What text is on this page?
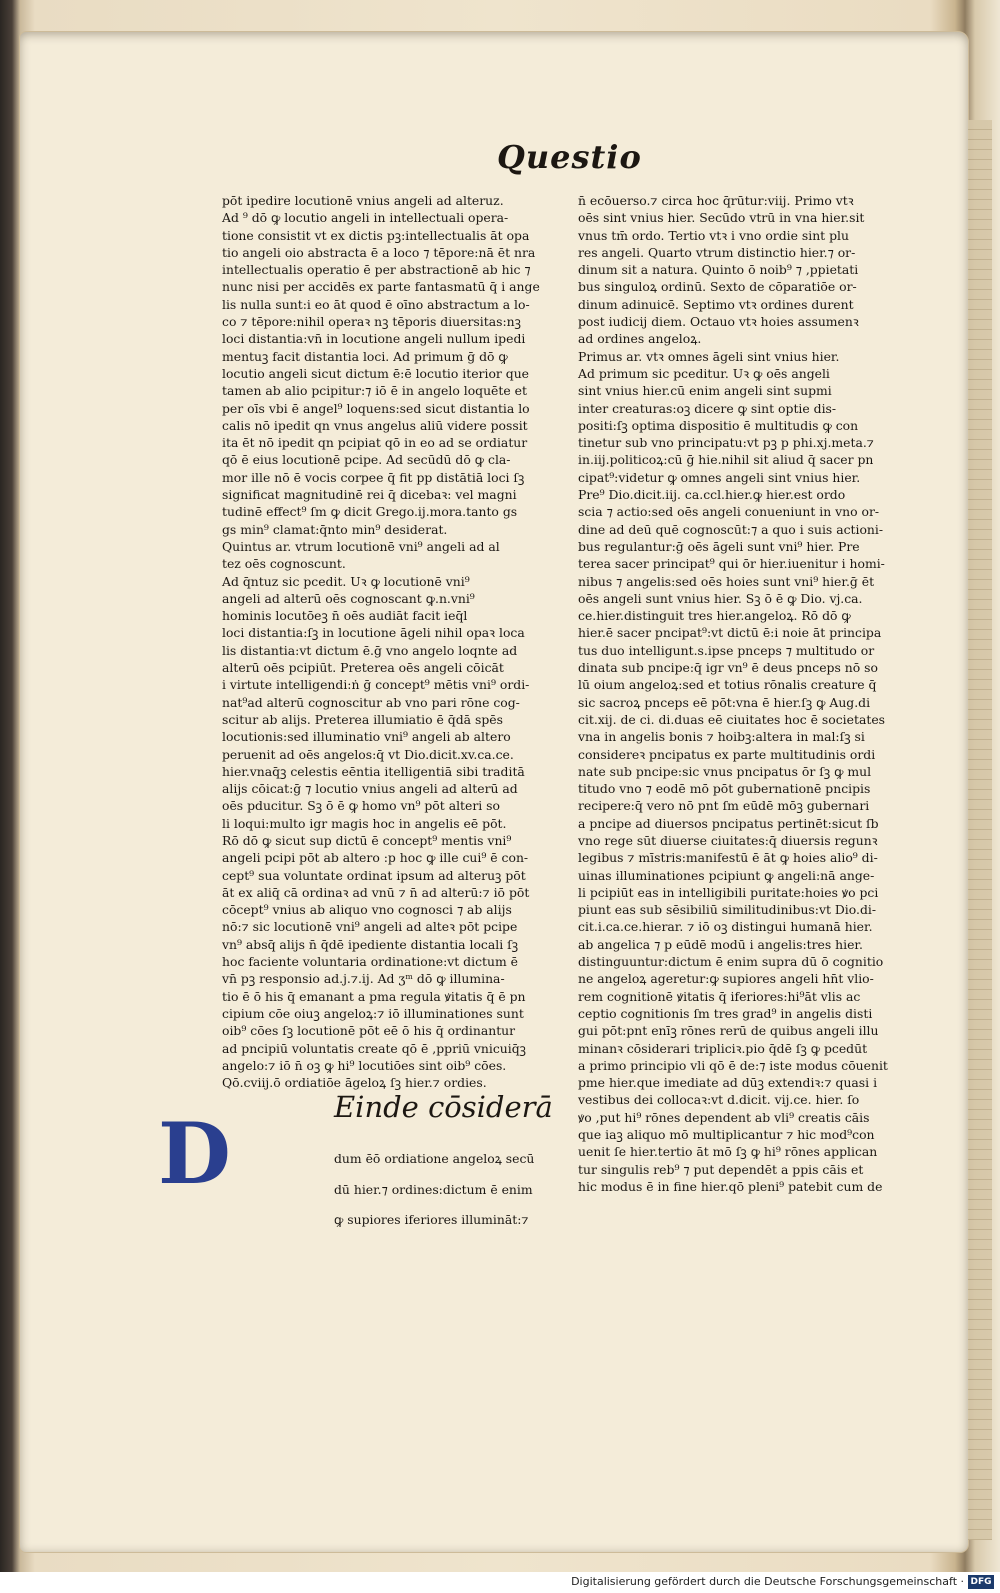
Questio

pōt ipedire locutionē vnius angeli ad alteruz.

Ad ⁹ dō ꝙ locutio angeli in intellectuali opera-

tione consistit vt ex dictis pꝫ:intellectualis āt opa

tio angeli oio abstracta ē a loco ⁊ tēpore:nā ēt nra

intellectualis operatio ē per abstractionē ab hic ⁊

nunc nisi per accidēs ex parte fantasmatū q̄ i ange

lis nulla sunt:i eo āt quod ē oīno abstractum a lo-

co ⁊ tēpore:nihil operaꝛ nꝫ tēporis diuersitas:nꝫ

loci distantia:vn̄ in locutione angeli nullum ipedi

mentuꝫ facit distantia loci. Ad primum ḡ dō ꝙ

locutio angeli sicut dictum ē:ē locutio iterior que

tamen ab alio pcipitur:⁊ iō ē in angelo loquēte et

per oīs vbi ē angel⁹ loquens:sed sicut distantia lo

calis nō ipedit qn vnus angelus aliū videre possit

ita ēt nō ipedit qn pcipiat qō in eo ad se ordiatur

qō ē eius locutionē pcipe. Ad secūdū dō ꝙ cla-

mor ille nō ē vocis corpee q̄ fit pp distātiā loci ſꝫ

significat magnitudinē rei q̄ dicebaꝛ: vel magni

tudinē effect⁹ ſm ꝙ dicit Grego.ij.mora.tanto gs

gs min⁹ clamat:q̄nto min⁹ desiderat.

Quintus ar. vtrum locutionē vni⁹ angeli ad al

tez oēs cognoscunt.

Ad q̄ntuz sic pcedit. Uꝛ ꝙ locutionē vni⁹

angeli ad alterū oēs cognoscant ꝙ.n.vni⁹

hominis locutōeꝫ n̄ oēs audiāt facit ieq̄l

loci distantia:ſꝫ in locutione āgeli nihil opaꝛ loca

lis distantia:vt dictum ē.ḡ vno angelo loqnte ad

alterū oēs pcipiūt. Preterea oēs angeli cōicāt

i virtute intelligendi:ṅ ḡ concept⁹ mētis vni⁹ ordi-

nat⁹ad alterū cognoscitur ab vno pari rōne cog-

scitur ab alijs. Preterea illumiatio ē q̄dā spēs

locutionis:sed illuminatio vni⁹ angeli ab altero

peruenit ad oēs angelos:q̄ vt Dio.dicit.xv.ca.ce.

hier.vnaq̄ꝫ celestis eēntia itelligentiā sibi traditā

alijs cōicat:ḡ ⁊ locutio vnius angeli ad alterū ad

oēs pducitur. Sꝫ ō ē ꝙ homo vn⁹ pōt alteri so

li loqui:multo igr magis hoc in angelis eē pōt.

Rō dō ꝙ sicut sup dictū ē concept⁹ mentis vni⁹

angeli pcipi pōt ab altero :p hoc ꝙ ille cui⁹ ē con-

cept⁹ sua voluntate ordinat ipsum ad alteruꝫ pōt

āt ex aliq̄ cā ordinaꝛ ad vnū ⁊ n̄ ad alterū:⁊ iō pōt

cōcept⁹ vnius ab aliquo vno cognosci ⁊ ab alijs

nō:⁊ sic locutionē vni⁹ angeli ad alteꝛ pōt pcipe

vn⁹ absq̄ alijs n̄ q̄dē ipediente distantia locali ſꝫ

hoc faciente voluntaria ordinatione:vt dictum ē

vn̄ pꝫ responsio ad.j.⁊.ij. Ad ʒᵐ dō ꝙ illumina-

tio ē ō his q̄ emanant a pma regula ꝟitatis q̄ ē pn

cipium cōe oiuꝫ angeloꝝ:⁊ iō illuminationes sunt

oib⁹ cōes ſꝫ locutionē pōt eē ō his q̄ ordinantur

ad pncipiū voluntatis create qō ē ,ppriū vnicuiq̄ꝫ

angelo:⁊ iō n̄ oꝫ ꝙ hi⁹ locutiōes sint oib⁹ cōes.

Qō.cviij.ō ordiatiōe āgeloꝝ ſꝫ hier.⁊ ordies.

n̄ ecōuerso.⁊ circa hoc q̄rūtur:viij. Primo vtꝛ

oēs sint vnius hier. Secūdo vtrū in vna hier.sit

vnus tm̄ ordo. Tertio vtꝛ i vno ordie sint plu

res angeli. Quarto vtrum distinctio hier.⁊ or-

dinum sit a natura. Quinto ō noib⁹ ⁊ ,ppietati

bus singuloꝝ ordinū. Sexto de cōparatiōe or-

dinum adinuicē. Septimo vtꝛ ordines durent

post iudicij diem. Octauo vtꝛ hoies assumenꝛ

ad ordines angeloꝝ.

Primus ar. vtꝛ omnes āgeli sint vnius hier.

Ad primum sic pceditur. Uꝛ ꝙ oēs angeli

sint vnius hier.cū enim angeli sint supmi

inter creaturas:oꝫ dicere ꝙ sint optie dis-

positi:ſꝫ optima dispositio ē multitudis ꝙ con

tinetur sub vno principatu:vt pꝫ p phi.xj.meta.⁊

in.iij.politicoꝝ:cū ḡ hie.nihil sit aliud q̄ sacer pn

cipat⁹:videtur ꝙ omnes angeli sint vnius hier.

Pre⁹ Dio.dicit.iij. ca.ccl.hier.ꝙ hier.est ordo

scia ⁊ actio:sed oēs angeli conueniunt in vno or-

dine ad deū quē cognoscūt:⁊ a quo i suis actioni-

bus regulantur:ḡ oēs āgeli sunt vni⁹ hier. Pre

terea sacer principat⁹ qui ōr hier.iuenitur i homi-

nibus ⁊ angelis:sed oēs hoies sunt vni⁹ hier.ḡ ēt

oēs angeli sunt vnius hier. Sꝫ ō ē ꝙ Dio. vj.ca.

ce.hier.distinguit tres hier.angeloꝝ. Rō dō ꝙ

hier.ē sacer pncipat⁹:vt dictū ē:i noie āt principa

tus duo intelligunt.s.ipse pnceps ⁊ multitudo or

dinata sub pncipe:q̄ igr vn⁹ ē deus pnceps nō so

lū oium angeloꝝ:sed et totius rōnalis creature q̄

sic sacroꝝ pnceps eē pōt:vna ē hier.ſꝫ ꝙ Aug.di

cit.xij. de ci. di.duas eē ciuitates hoc ē societates

vna in angelis bonis ⁊ hoibꝫ:altera in mal:ſꝫ si

considereꝛ pncipatus ex parte multitudinis ordi

nate sub pncipe:sic vnus pncipatus ōr ſꝫ ꝙ mul

titudo vno ⁊ eodē mō pōt gubernationē pncipis

recipere:q̄ vero nō pnt ſm eūdē mōꝫ gubernari

a pncipe ad diuersos pncipatus pertinēt:sicut ſb

vno rege sūt diuerse ciuitates:q̄ diuersis regunꝛ

legibus ⁊ mīstris:manifestū ē āt ꝙ hoies alio⁹ di-

uinas illuminationes pcipiunt ꝙ angeli:nā ange-

li pcipiūt eas in intelligibili puritate:hoies ꝟo pci

piunt eas sub sēsibiliū similitudinibus:vt Dio.di-

cit.i.ca.ce.hierar. ⁊ iō oꝫ distingui humanā hier.

ab angelica ⁊ p eūdē modū i angelis:tres hier.

distinguuntur:dictum ē enim supra dū ō cognitio

ne angeloꝝ ageretur:ꝙ supiores angeli hn̄t vlio-

rem cognitionē ꝟitatis q̄ iferiores:hi⁹āt vlis ac

ceptio cognitionis ſm tres grad⁹ in angelis disti

gui pōt:pnt enīꝫ rōnes rerū de quibus angeli illu

minanꝛ cōsiderari tripliciꝛ.pio q̄dē ſꝫ ꝙ pcedūt

a primo principio vli qō ē de:⁊ iste modus cōuenit

pme hier.que imediate ad dūꝫ extendiꝛ:⁊ quasi i

vestibus dei collocaꝛ:vt d.dicit. vij.ce. hier. ſo

ꝟo ,put hi⁹ rōnes dependent ab vli⁹ creatis cāis

que iaꝫ aliquo mō multiplicantur ⁊ hic mod⁹con

uenit ſe hier.tertio āt mō ſꝫ ꝙ hi⁹ rōnes applican

tur singulis reb⁹ ⁊ put dependēt a ppis cāis et

hic modus ē in fine hier.qō pleni⁹ patebit cum de

D	Einde cōsiderā

dum ēō ordiatione angeloꝝ secū

dū hier.⁊ ordines:dictum ē enim

ꝙ supiores iferiores illumināt:⁊

Digitalisierung gefördert durch die Deutsche Forschungsgemeinschaft · DFG
